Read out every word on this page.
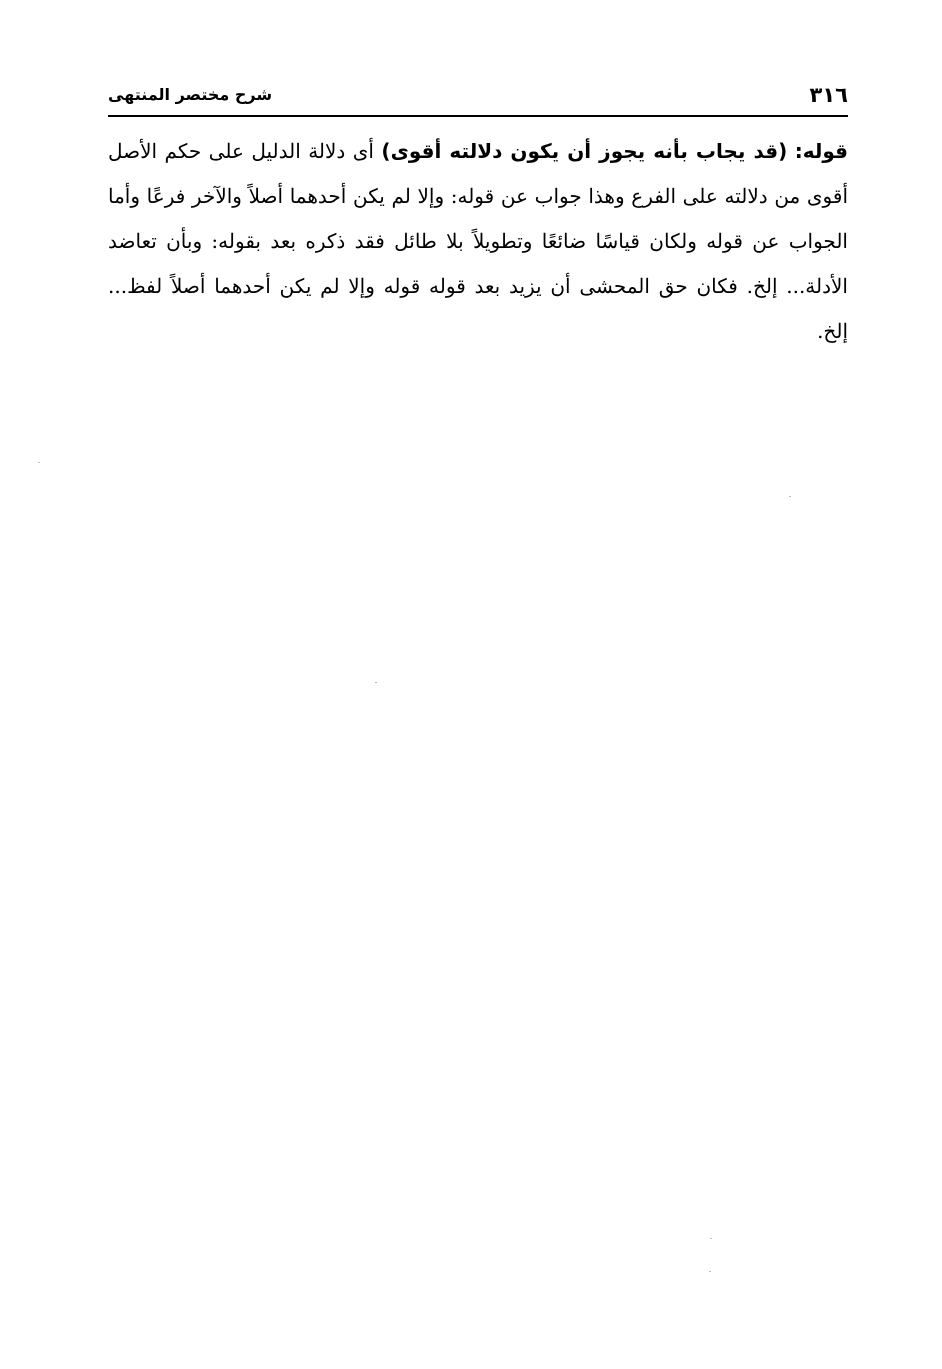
٣١٦
شرح مختصر المنتهى

قوله: (قد يجاب بأنه يجوز أن يكون دلالته أقوى) أى دلالة الدليل على حكم الأصل أقوى من دلالته على الفرع وهذا جواب عن قوله: وإلا لم يكن أحدهما أصلاً والآخر فرعًا وأما الجواب عن قوله ولكان قياسًا ضائعًا وتطويلاً بلا طائل فقد ذكره بعد بقوله: وبأن تعاضد الأدلة... إلخ. فكان حق المحشى أن يزيد بعد قوله قوله وإلا لم يكن أحدهما أصلاً لفظ... إلخ.
